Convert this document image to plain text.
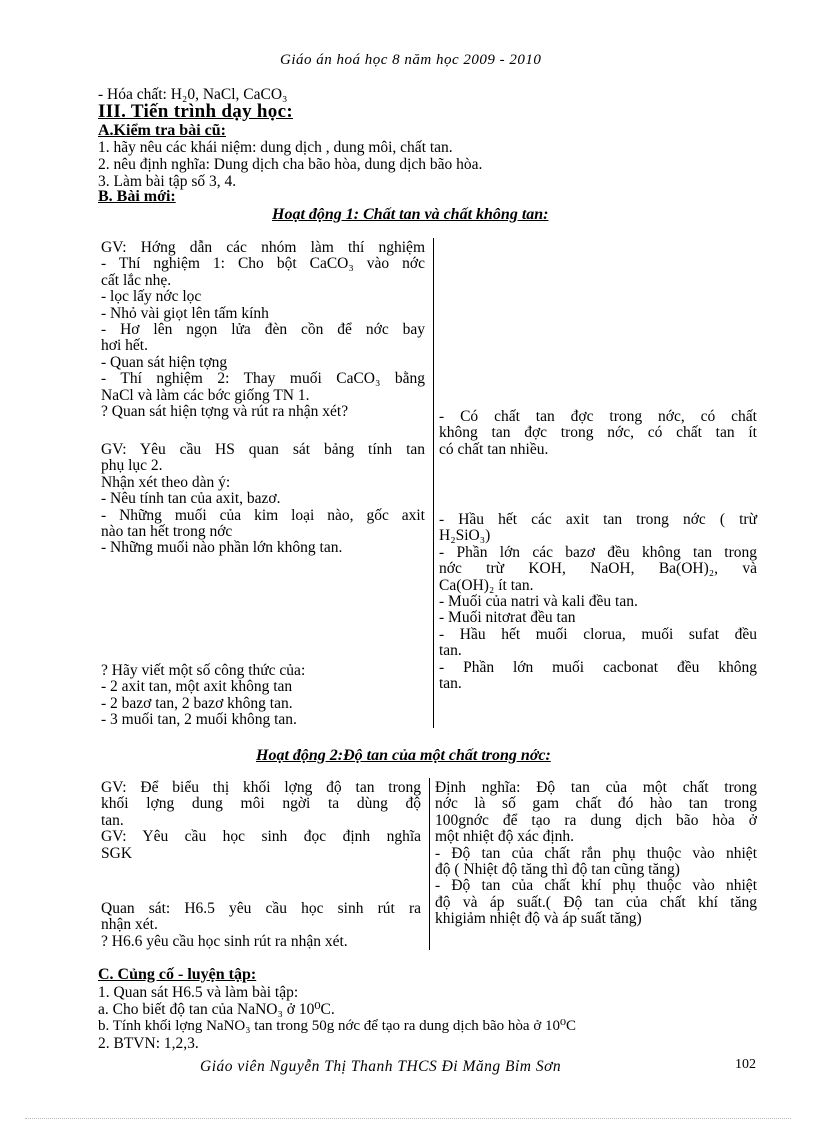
Giáo án hoá học 8 năm học 2009 - 2010
- Hóa chất: H₂0, NaCl, CaCO₃
III. Tiến trình dạy học:
A.Kiểm tra bài cũ:
1. hãy nêu các khái niệm: dung dịch , dung môi, chất tan.
2. nêu định nghĩa: Dung dịch cha bão hòa, dung dịch bão hòa.
3. Làm bài tập số 3, 4.
B. Bài mới:
Hoạt động 1: Chất tan và chất không tan:
GV: Hớng dẫn các nhóm làm thí nghiệm
- Thí nghiệm 1: Cho bột CaCO₃ vào nớc
cất lắc nhẹ.
- lọc lấy nớc lọc
- Nhỏ vài giọt lên tấm kính
- Hơ lên ngọn lửa đèn cồn để nớc bay
hơi hết.
- Quan sát hiện tợng
- Thí nghiệm 2: Thay muối CaCO₃ bằng
NaCl và làm các bớc giống TN 1.
? Quan sát hiện tợng và rút ra nhận xét?
GV: Yêu cầu HS quan sát bảng tính tan
phụ lục 2.
Nhận xét theo dàn ý:
- Nêu tính tan của axit, bazơ.
- Những muối của kim loại nào, gốc axit
nào tan hết trong nớc
- Những muối nào phần lớn không tan.
? Hãy viết một số công thức của:
- 2 axit tan, một axit không tan
- 2 bazơ tan, 2 bazơ không tan.
- 3 muối tan, 2 muối không tan.
- Có chất tan đợc trong nớc, có chất
không tan đợc trong nớc, có chất tan ít
có chất tan nhiều.
- Hầu hết các axit tan trong nớc ( trừ
H₂SiO₃)
- Phần lớn các bazơ đều không tan trong
nớc trừ KOH, NaOH, Ba(OH)₂, và
Ca(OH)₂ ít tan.
- Muối của natri và kali đều tan.
- Muối nitơrat đều tan
- Hầu hết muối clorua, muối sufat đều
tan.
- Phần lớn muối cacbonat đều không
tan.
Hoạt động 2:Độ tan của một chất trong nớc:
GV: Để biểu thị khối lợng độ tan trong
khối lợng dung môi ngời ta dùng độ
tan.
GV: Yêu cầu học sinh đọc định nghĩa
SGK
Quan sát: H6.5 yêu cầu học sinh rút ra
nhận xét.
? H6.6 yêu cầu học sinh rút ra nhận xét.
Định nghĩa: Độ tan của một chất trong
nớc là số gam chất đó hào tan trong
100gnớc để tạo ra dung dịch bão hòa ở
một nhiệt độ xác định.
- Độ tan của chất rắn phụ thuộc vào nhiệt
độ ( Nhiệt độ tăng thì độ tan cũng tăng)
- Độ tan của chất khí phụ thuộc vào nhiệt
độ và áp suất.( Độ tan của chất khí tăng
khigiảm nhiệt độ và áp suất tăng)
C. Củng cố - luyện tập:
1. Quan sát H6.5 và làm bài tập:
a. Cho biết độ tan của NaNO₃ ở 10⁰C.
b. Tính khối lợng NaNO₃ tan trong 50g nớc để tạo ra dung dịch bão hòa ở 10⁰C
2. BTVN: 1,2,3.
Giáo viên Nguyễn Thị Thanh THCS Đi Măng Bỉm Sơn	102
